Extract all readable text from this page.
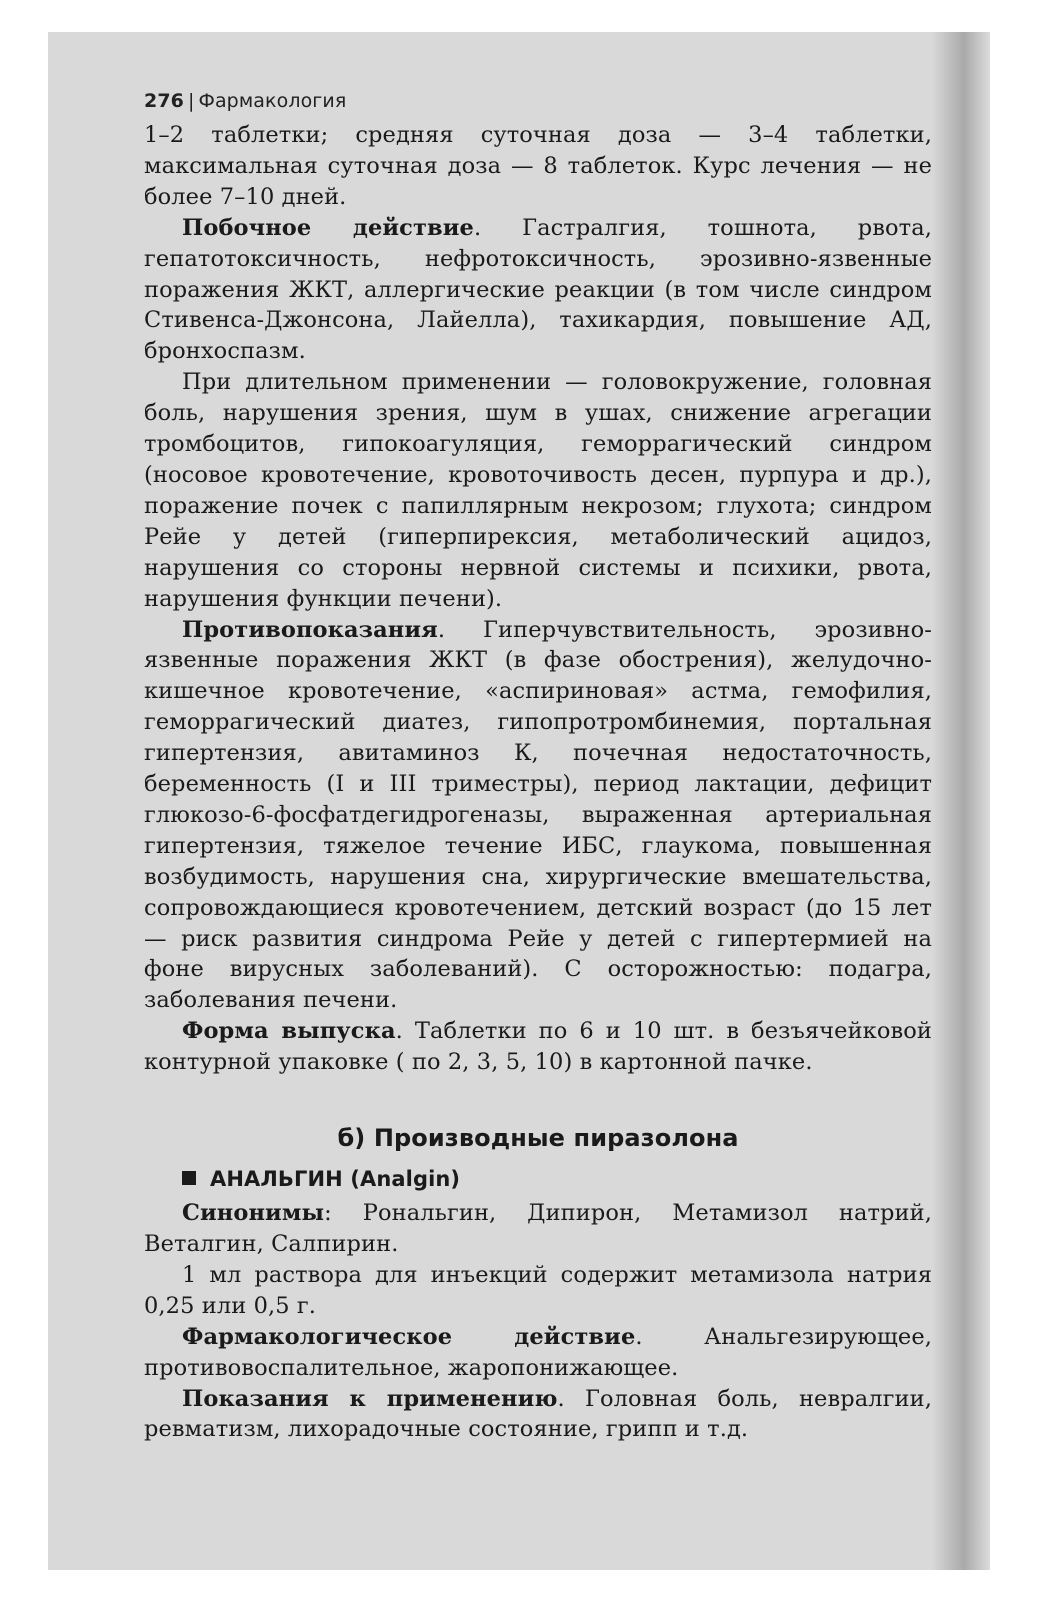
276 | Фармакология

1–2 таблетки; средняя суточная доза — 3–4 таблетки, максимальная суточная доза — 8 таблеток. Курс лечения — не более 7–10 дней.

Побочное действие. Гастралгия, тошнота, рвота, гепатотоксичность, нефротоксичность, эрозивно-язвенные поражения ЖКТ, аллергические реакции (в том числе синдром Стивенса-Джонсона, Лайелла), тахикардия, повышение АД, бронхоспазм.

При длительном применении — головокружение, головная боль, нарушения зрения, шум в ушах, снижение агрегации тромбоцитов, гипокоагуляция, геморрагический синдром (носовое кровотечение, кровоточивость десен, пурпура и др.), поражение почек с папиллярным некрозом; глухота; синдром Рейе у детей (гиперпирексия, метаболический ацидоз, нарушения со стороны нервной системы и психики, рвота, нарушения функции печени).

Противопоказания. Гиперчувствительность, эрозивно-язвенные поражения ЖКТ (в фазе обострения), желудочно-кишечное кровотечение, «аспириновая» астма, гемофилия, геморрагический диатез, гипопротромбинемия, портальная гипертензия, авитаминоз К, почечная недостаточность, беременность (I и III триместры), период лактации, дефицит глюкозо-6-фосфатдегидрогеназы, выраженная артериальная гипертензия, тяжелое течение ИБС, глаукома, повышенная возбудимость, нарушения сна, хирургические вмешательства, сопровождающиеся кровотечением, детский возраст (до 15 лет — риск развития синдрома Рейе у детей с гипертермией на фоне вирусных заболеваний). С осторожностью: подагра, заболевания печени.

Форма выпуска. Таблетки по 6 и 10 шт. в безъячейковой контурной упаковке ( по 2, 3, 5, 10) в картонной пачке.

б) Производные пиразолона
АНАЛЬГИН (Analgin)

Синонимы: Рональгин, Дипирон, Метамизол натрий, Веталгин, Салпирин.

1 мл раствора для инъекций содержит метамизола натрия 0,25 или 0,5 г.

Фармакологическое действие. Анальгезирующее, противовоспалительное, жаропонижающее.

Показания к применению. Головная боль, невралгии, ревматизм, лихорадочные состояние, грипп и т.д.
